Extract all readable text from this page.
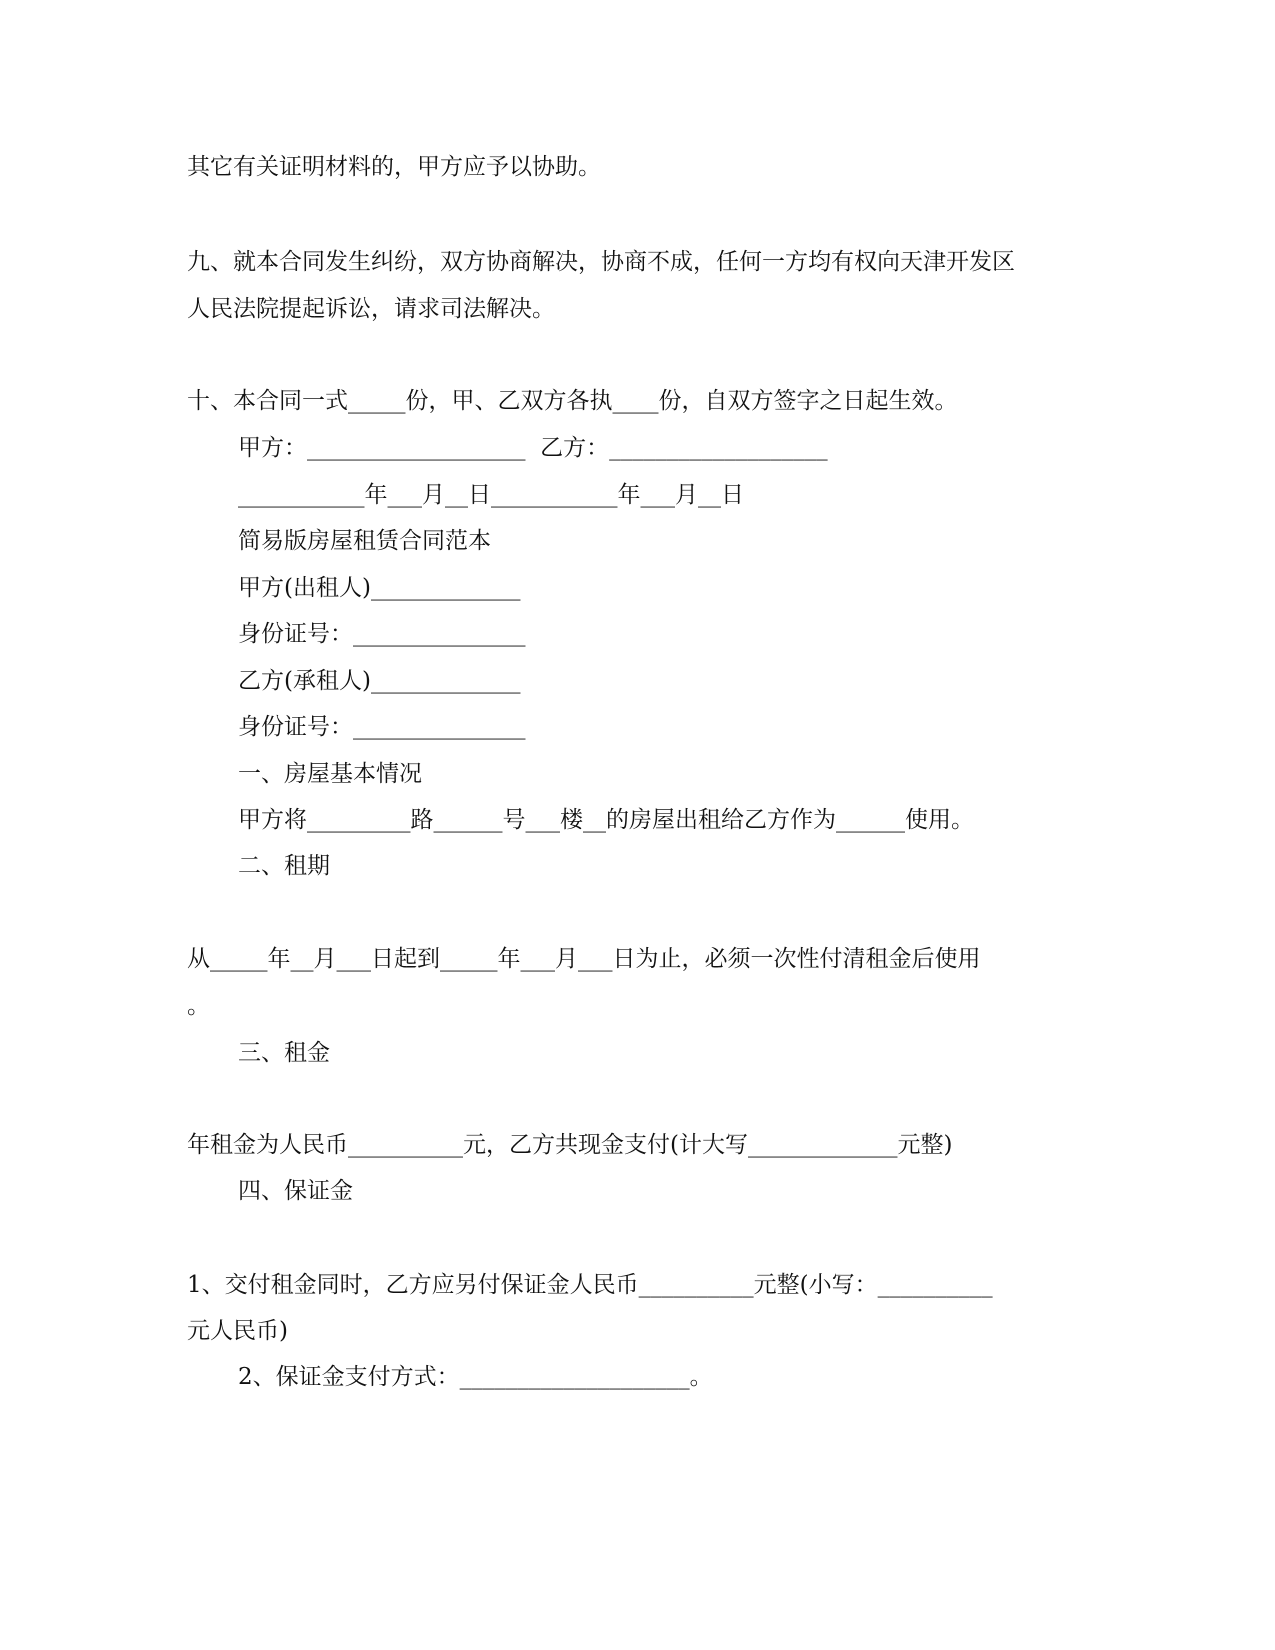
其它有关证明材料的，甲方应予以协助。

九、就本合同发生纠纷，双方协商解决，协商不成，任何一方均有权向天津开发区

人民法院提起诉讼，请求司法解决。

十、本合同一式_____份，甲、乙双方各执____份，自双方签字之日起生效。

甲方：___________________  乙方：___________________

___________年___月__日___________年___月__日

简易版房屋租赁合同范本

甲方(出租人)_____________

身份证号：_______________

乙方(承租人)_____________

身份证号：_______________

一、房屋基本情况

甲方将_________路______号___楼__的房屋出租给乙方作为______使用。

二、租期

从_____年__月___日起到_____年___月___日为止，必须一次性付清租金后使用

。

三、租金

年租金为人民币__________元，乙方共现金支付(计大写_____________元整)

四、保证金

1、交付租金同时，乙方应另付保证金人民币__________元整(小写：__________

元人民币)

2、保证金支付方式：____________________。
